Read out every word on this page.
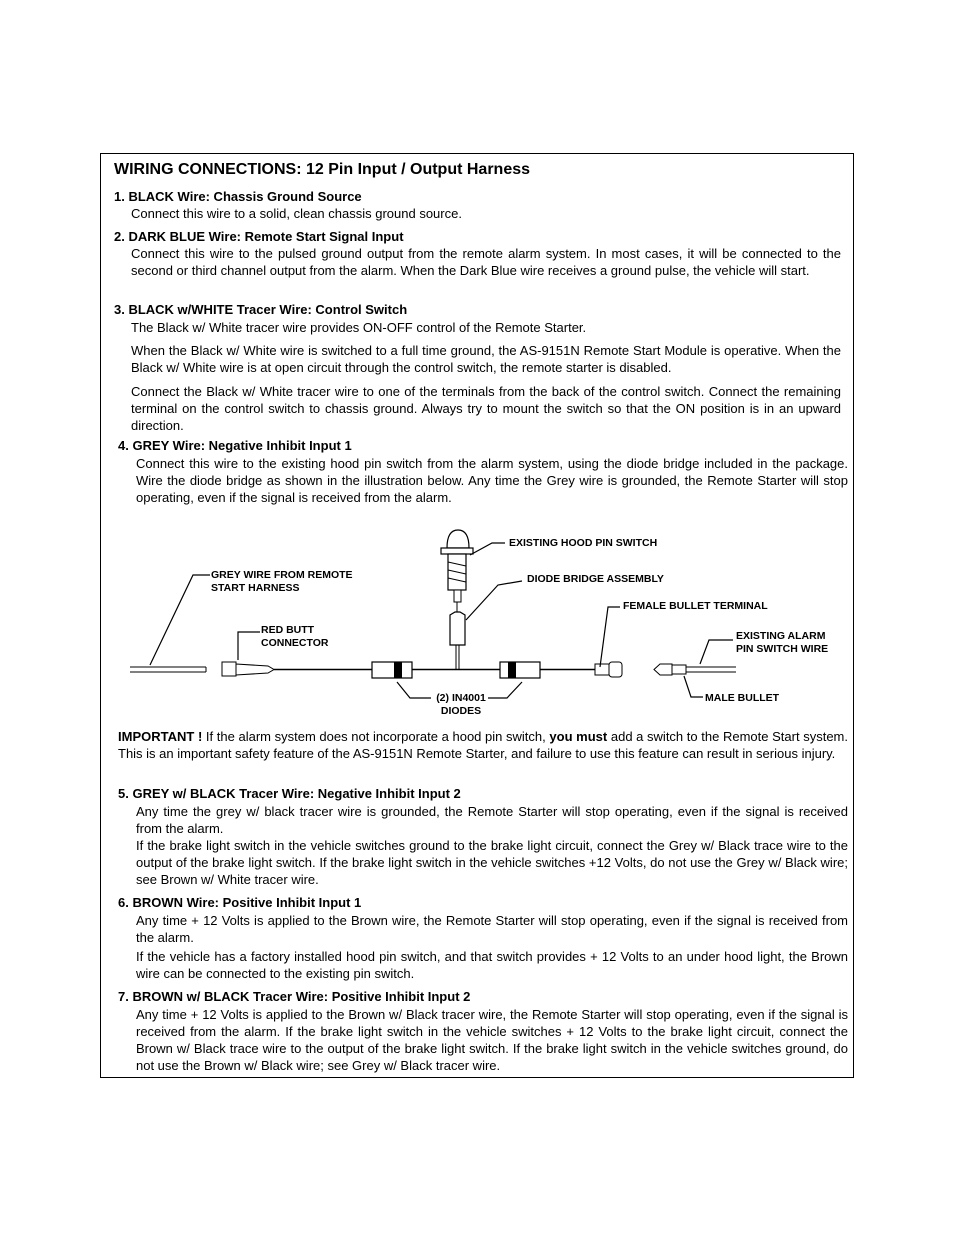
WIRING CONNECTIONS: 12 Pin Input / Output Harness
1. BLACK Wire: Chassis Ground Source
Connect this wire to a solid, clean chassis ground source.
2. DARK BLUE Wire: Remote Start Signal Input
Connect this wire to the pulsed ground output from the remote alarm system. In most cases, it will be connected to the second or third channel output from the alarm. When the Dark Blue wire receives a ground pulse, the vehicle will start.
3. BLACK w/WHITE Tracer Wire: Control Switch
The Black w/ White tracer wire provides ON-OFF control of the Remote Starter.
When the Black w/ White wire is switched to a full time ground, the AS-9151N Remote Start Module is operative. When the Black w/ White wire is at open circuit through the control switch, the remote starter is disabled.
Connect the Black w/ White tracer wire to one of the terminals from the back of the control switch. Connect the remaining terminal on the control switch to chassis ground. Always try to mount the switch so that the ON position is in an upward direction.
4. GREY Wire: Negative Inhibit Input 1
Connect this wire to the existing hood pin switch from the alarm system, using the diode bridge included in the package. Wire the diode bridge as shown in the illustration below. Any time the Grey wire is grounded, the Remote Starter will stop operating, even if the signal is received from the alarm.
EXISTING HOOD PIN SWITCH
DIODE BRIDGE ASSEMBLY
GREY WIRE FROM REMOTE
START HARNESS
FEMALE BULLET TERMINAL
RED BUTT
CONNECTOR
EXISTING ALARM
PIN SWITCH WIRE
(2) IN4001
DIODES
MALE BULLET
IMPORTANT ! If the alarm system does not incorporate a hood pin switch, you must add a switch to the Remote Start system. This is an important safety feature of the AS-9151N Remote Starter, and failure to use this feature can result in serious injury.
5. GREY w/ BLACK Tracer Wire: Negative Inhibit Input 2
Any time the grey w/ black tracer wire is grounded, the Remote Starter will stop operating, even if the signal is received from the alarm.
If the brake light switch in the vehicle switches ground to the brake light circuit, connect the Grey w/ Black trace wire to the output of the brake light switch. If the brake light switch in the vehicle switches +12 Volts, do not use the Grey w/ Black wire; see Brown w/ White tracer wire.
6. BROWN Wire: Positive Inhibit Input 1
Any time + 12 Volts is applied to the Brown wire, the Remote Starter will stop operating, even if the signal is received from the alarm.
If the vehicle has a factory installed hood pin switch, and that switch provides + 12 Volts to an under hood light, the Brown wire can be connected to the existing pin switch.
7. BROWN w/ BLACK Tracer Wire: Positive Inhibit Input 2
Any time + 12 Volts is applied to the Brown w/ Black tracer wire, the Remote Starter will stop operating, even if the signal is received from the alarm. If the brake light switch in the vehicle switches + 12 Volts to the brake light circuit, connect the Brown w/ Black trace wire to the output of the brake light switch. If the brake light switch in the vehicle switches ground, do not use the Brown w/ Black wire; see Grey w/ Black tracer wire.
